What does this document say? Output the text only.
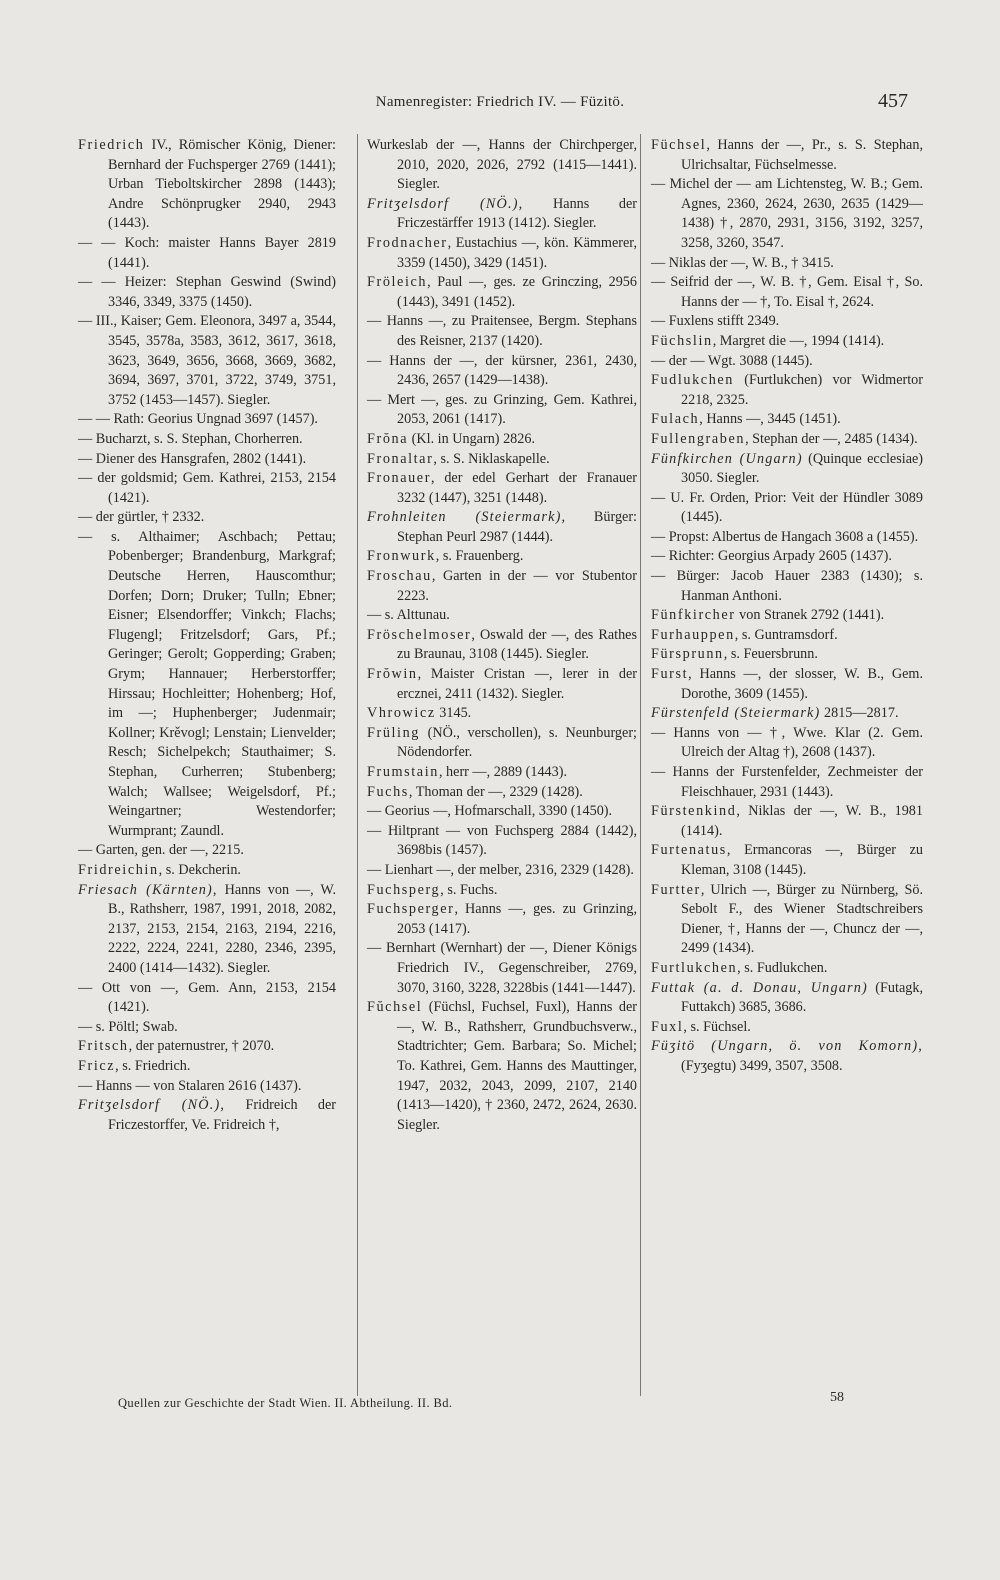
Namenregister: Friedrich IV. — Füzitö.	457

Friedrich IV., Römischer König, Diener: Bernhard der Fuchsperger 2769 (1441); Urban Tieboltskircher 2898 (1443); Andre Schönprugker 2940, 2943 (1443).

— — Koch: maister Hanns Bayer 2819 (1441).

— — Heizer: Stephan Geswind (Swind) 3346, 3349, 3375 (1450).

— III., Kaiser; Gem. Eleonora, 3497 a, 3544, 3545, 3578a, 3583, 3612, 3617, 3618, 3623, 3649, 3656, 3668, 3669, 3682, 3694, 3697, 3701, 3722, 3749, 3751, 3752 (1453—1457). Siegler.

— — Rath: Georius Ungnad 3697 (1457).

— Bucharzt, s. S. Stephan, Chorherren.

— Diener des Hansgrafen, 2802 (1441).

— der goldsmid; Gem. Kathrei, 2153, 2154 (1421).

— der gürtler, † 2332.

— s. Althaimer; Aschbach; Pettau; Pobenberger; Brandenburg, Markgraf; Deutsche Herren, Hauscomthur; Dorfen; Dorn; Druker; Tulln; Ebner; Eisner; Elsendorffer; Vinkch; Flachs; Flugengl; Fritzelsdorf; Gars, Pf.; Geringer; Gerolt; Gopperding; Graben; Grym; Hannauer; Herberstorffer; Hirssau; Hochleitter; Hohenberg; Hof, im —; Huphenberger; Judenmair; Kollner; Krěvogl; Lenstain; Lienvelder; Resch; Sichelpekch; Stauthaimer; S. Stephan, Curherren; Stubenberg; Walch; Wallsee; Weigelsdorf, Pf.; Weingartner; Westendorfer; Wurmprant; Zaundl.

— Garten, gen. der —, 2215.

Fridreichin, s. Dekcherin.

Friesach (Kärnten), Hanns von —, W. B., Rathsherr, 1987, 1991, 2018, 2082, 2137, 2153, 2154, 2163, 2194, 2216, 2222, 2224, 2241, 2280, 2346, 2395, 2400 (1414—1432). Siegler.

— Ott von —, Gem. Ann, 2153, 2154 (1421).

— s. Pöltl; Swab.

Fritsch, der paternustrer, † 2070.

Fricz, s. Friedrich.

— Hanns — von Stalaren 2616 (1437).

Fritʒelsdorf (NÖ.), Fridreich der Friczestorffer, Ve. Fridreich †,

Wurkeslab der —, Hanns der Chirchperger, 2010, 2020, 2026, 2792 (1415—1441). Siegler.

Fritʒelsdorf (NÖ.), Hanns der Friczestärffer 1913 (1412). Siegler.

Frodnacher, Eustachius —, kön. Kämmerer, 3359 (1450), 3429 (1451).

Fröleich, Paul —, ges. ze Grinczing, 2956 (1443), 3491 (1452).

— Hanns —, zu Praitensee, Bergm. Stephans des Reisner, 2137 (1420).

— Hanns der —, der kürsner, 2361, 2430, 2436, 2657 (1429—1438).

— Mert —, ges. zu Grinzing, Gem. Kathrei, 2053, 2061 (1417).

Frŏna (Kl. in Ungarn) 2826.

Fronaltar, s. S. Niklaskapelle.

Fronauer, der edel Gerhart der Franauer 3232 (1447), 3251 (1448).

Frohnleiten (Steiermark), Bürger: Stephan Peurl 2987 (1444).

Fronwurk, s. Frauenberg.

Froschau, Garten in der — vor Stubentor 2223.

— s. Alttunau.

Fröschelmoser, Oswald der —, des Rathes zu Braunau, 3108 (1445). Siegler.

Frŏwin, Maister Cristan —, lerer in der ercznei, 2411 (1432). Siegler.

Vhrowicz 3145.

Früling (NÖ., verschollen), s. Neunburger; Nödendorfer.

Frumstain, herr —, 2889 (1443).

Fuchs, Thoman der —, 2329 (1428).

— Georius —, Hofmarschall, 3390 (1450).

— Hiltprant — von Fuchsperg 2884 (1442), 3698bis (1457).

— Lienhart —, der melber, 2316, 2329 (1428).

Fuchsperg, s. Fuchs.

Fuchsperger, Hanns —, ges. zu Grinzing, 2053 (1417).

— Bernhart (Wernhart) der —, Diener Königs Friedrich IV., Gegenschreiber, 2769, 3070, 3160, 3228, 3228bis (1441—1447).

Fŭchsel (Füchsl, Fuchsel, Fuxl), Hanns der —, W. B., Rathsherr, Grundbuchsverw., Stadtrichter; Gem. Barbara; So. Michel; To. Kathrei, Gem. Hanns des Mauttinger, 1947, 2032, 2043, 2099, 2107, 2140 (1413—1420), † 2360, 2472, 2624, 2630. Siegler.

Füchsel, Hanns der —, Pr., s. S. Stephan, Ulrichsaltar, Füchselmesse.

— Michel der — am Lichtensteg, W. B.; Gem. Agnes, 2360, 2624, 2630, 2635 (1429—1438) †, 2870, 2931, 3156, 3192, 3257, 3258, 3260, 3547.

— Niklas der —, W. B., † 3415.

— Seifrid der —, W. B. †, Gem. Eisal †, So. Hanns der — †, To. Eisal †, 2624.

— Fuxlens stifft 2349.

Füchslin, Margret die —, 1994 (1414).

— der — Wgt. 3088 (1445).

Fudlukchen (Furtlukchen) vor Widmertor 2218, 2325.

Fulach, Hanns —, 3445 (1451).

Fullengraben, Stephan der —, 2485 (1434).

Fünfkirchen (Ungarn) (Quinque ecclesiae) 3050. Siegler.

— U. Fr. Orden, Prior: Veit der Hündler 3089 (1445).

— Propst: Albertus de Hangach 3608 a (1455).

— Richter: Georgius Arpady 2605 (1437).

— Bürger: Jacob Hauer 2383 (1430); s. Hanman Anthoni.

Fünfkircher von Stranek 2792 (1441).

Furhauppen, s. Guntramsdorf.

Fürsprunn, s. Feuersbrunn.

Furst, Hanns —, der slosser, W. B., Gem. Dorothe, 3609 (1455).

Fürstenfeld (Steiermark) 2815—2817.

— Hanns von — †, Wwe. Klar (2. Gem. Ulreich der Altag †), 2608 (1437).

— Hanns der Furstenfelder, Zechmeister der Fleischhauer, 2931 (1443).

Fürstenkind, Niklas der —, W. B., 1981 (1414).

Furtenatus, Ermancoras —, Bürger zu Kleman, 3108 (1445).

Furtter, Ulrich —, Bürger zu Nürnberg, Sö. Sebolt F., des Wiener Stadtschreibers Diener, †, Hanns der —, Chuncz der —, 2499 (1434).

Furtlukchen, s. Fudlukchen.

Futtak (a. d. Donau, Ungarn) (Futagk, Futtakch) 3685, 3686.

Fuxl, s. Füchsel.

Füʒitö (Ungarn, ö. von Komorn), (Fyʒegtu) 3499, 3507, 3508.

Quellen zur Geschichte der Stadt Wien. II. Abtheilung. II. Bd.	58
